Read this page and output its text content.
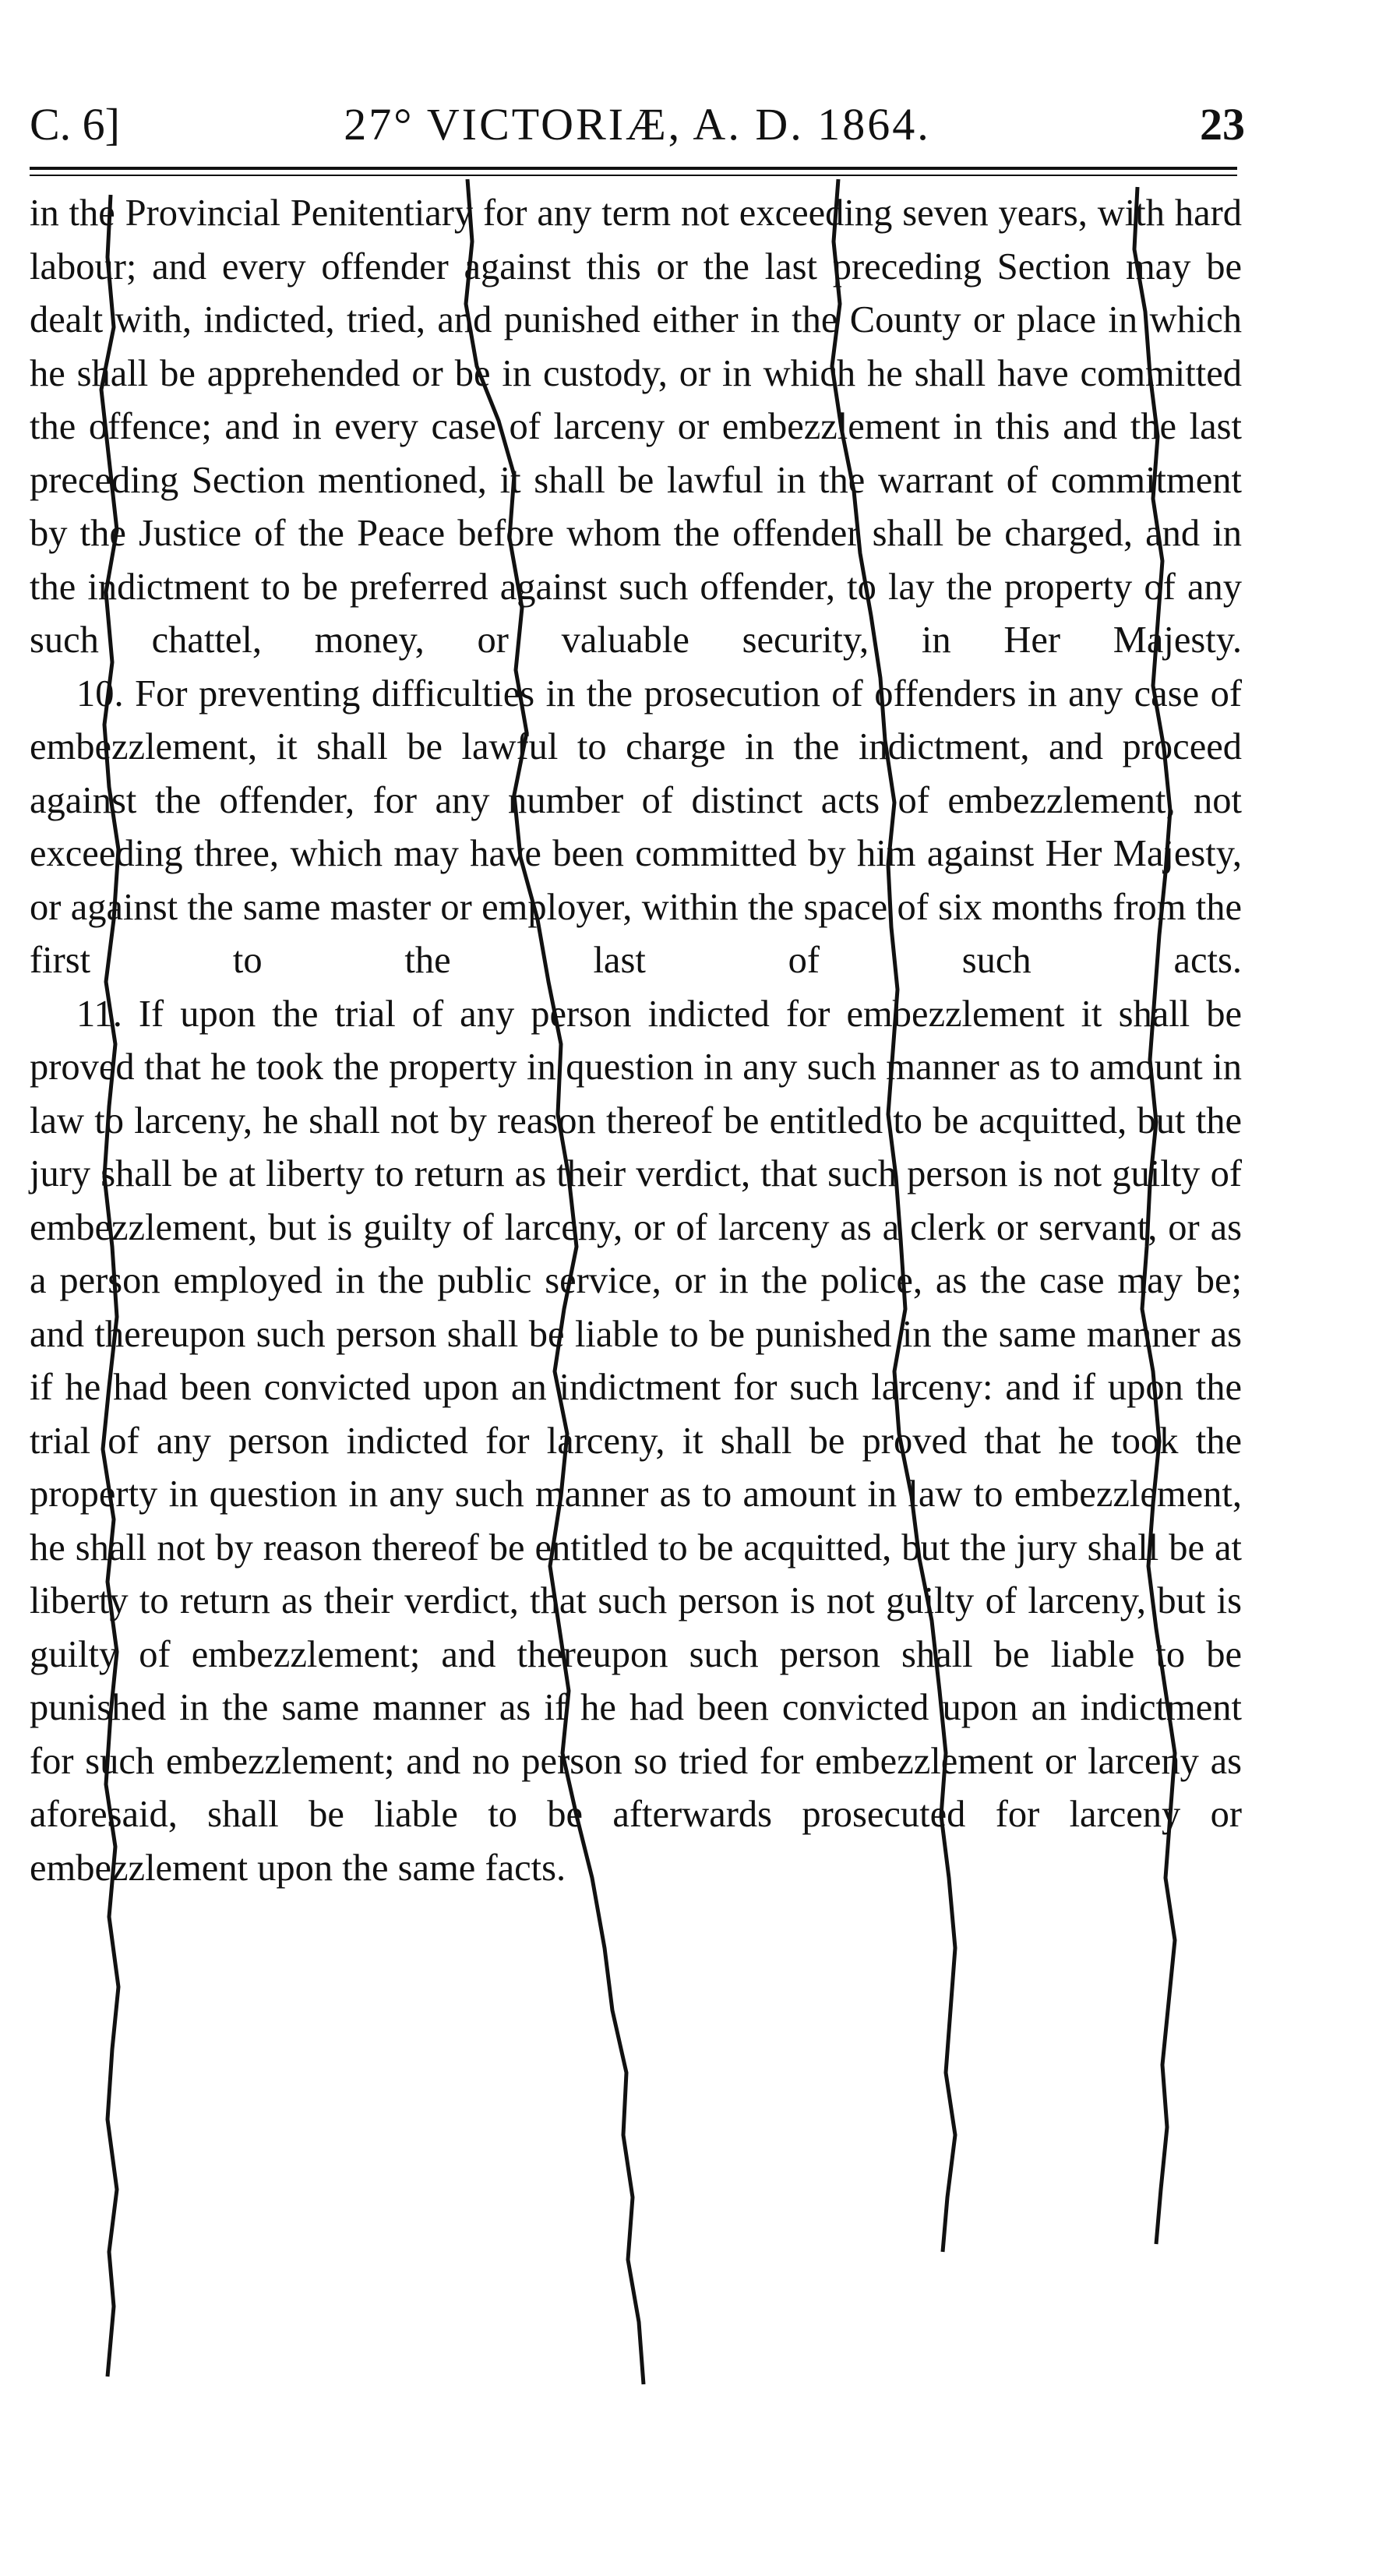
C. 6]	27° VICTORIÆ, A. D. 1864.	23

in the Provincial Penitentiary for any term not exceeding seven years, with hard labour; and every offender against this or the last preceding Section may be dealt with, indicted, tried, and punished either in the County or place in which he shall be apprehended or be in custody, or in which he shall have committed the offence; and in every case of larceny or embezzlement in this and the last preceding Section mentioned, it shall be lawful in the warrant of commitment by the Justice of the Peace before whom the offender shall be charged, and in the indictment to be preferred against such offender, to lay the property of any such chattel, money, or valuable security, in Her Majesty.

10. For preventing difficulties in the prosecution of offenders in any case of embezzlement, it shall be lawful to charge in the indictment, and proceed against the offender, for any number of distinct acts of embezzlement, not exceeding three, which may have been committed by him against Her Majesty, or against the same master or employer, within the space of six months from the first to the last of such acts.

11. If upon the trial of any person indicted for embezzlement it shall be proved that he took the property in question in any such manner as to amount in law to larceny, he shall not by reason thereof be entitled to be acquitted, but the jury shall be at liberty to return as their verdict, that such person is not guilty of embezzlement, but is guilty of larceny, or of larceny as a clerk or servant, or as a person employed in the public service, or in the police, as the case may be; and thereupon such person shall be liable to be punished in the same manner as if he had been convicted upon an indictment for such larceny: and if upon the trial of any person indicted for larceny, it shall be proved that he took the property in question in any such manner as to amount in law to embezzlement, he shall not by reason thereof be entitled to be acquitted, but the jury shall be at liberty to return as their verdict, that such person is not guilty of larceny, but is guilty of embezzlement; and thereupon such person shall be liable to be punished in the same manner as if he had been convicted upon an indictment for such embezzlement; and no person so tried for embezzlement or larceny as aforesaid, shall be liable to be afterwards prosecuted for larceny or embezzlement upon the same facts.
